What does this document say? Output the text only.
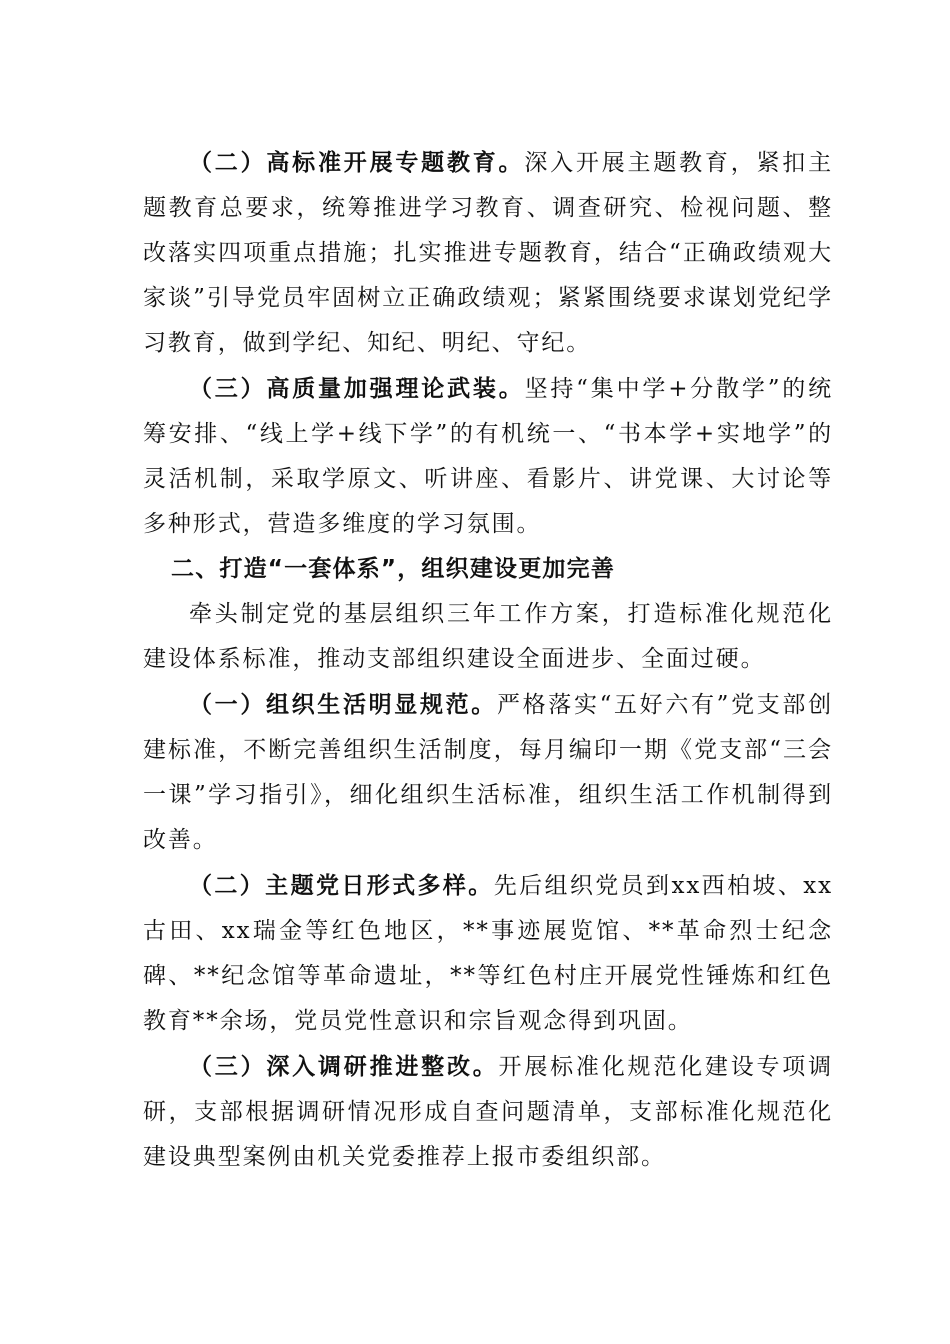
（二）高标准开展专题教育。深入开展主题教育，紧扣主题教育总要求，统筹推进学习教育、调查研究、检视问题、整改落实四项重点措施；扎实推进专题教育，结合“正确政绩观大家谈”引导党员牢固树立正确政绩观；紧紧围绕要求谋划党纪学习教育，做到学纪、知纪、明纪、守纪。

（三）高质量加强理论武装。坚持“集中学+分散学”的统筹安排、“线上学+线下学”的有机统一、“书本学+实地学”的灵活机制，采取学原文、听讲座、看影片、讲党课、大讨论等多种形式，营造多维度的学习氛围。

二、打造“一套体系”，组织建设更加完善

牵头制定党的基层组织三年工作方案，打造标准化规范化建设体系标准，推动支部组织建设全面进步、全面过硬。

（一）组织生活明显规范。严格落实“五好六有”党支部创建标准，不断完善组织生活制度，每月编印一期《党支部“三会一课”学习指引》，细化组织生活标准，组织生活工作机制得到改善。

（二）主题党日形式多样。先后组织党员到xx西柏坡、xx古田、xx瑞金等红色地区，**事迹展览馆、**革命烈士纪念碑、**纪念馆等革命遗址，**等红色村庄开展党性锤炼和红色教育**余场，党员党性意识和宗旨观念得到巩固。

（三）深入调研推进整改。开展标准化规范化建设专项调研，支部根据调研情况形成自查问题清单，支部标准化规范化建设典型案例由机关党委推荐上报市委组织部。
